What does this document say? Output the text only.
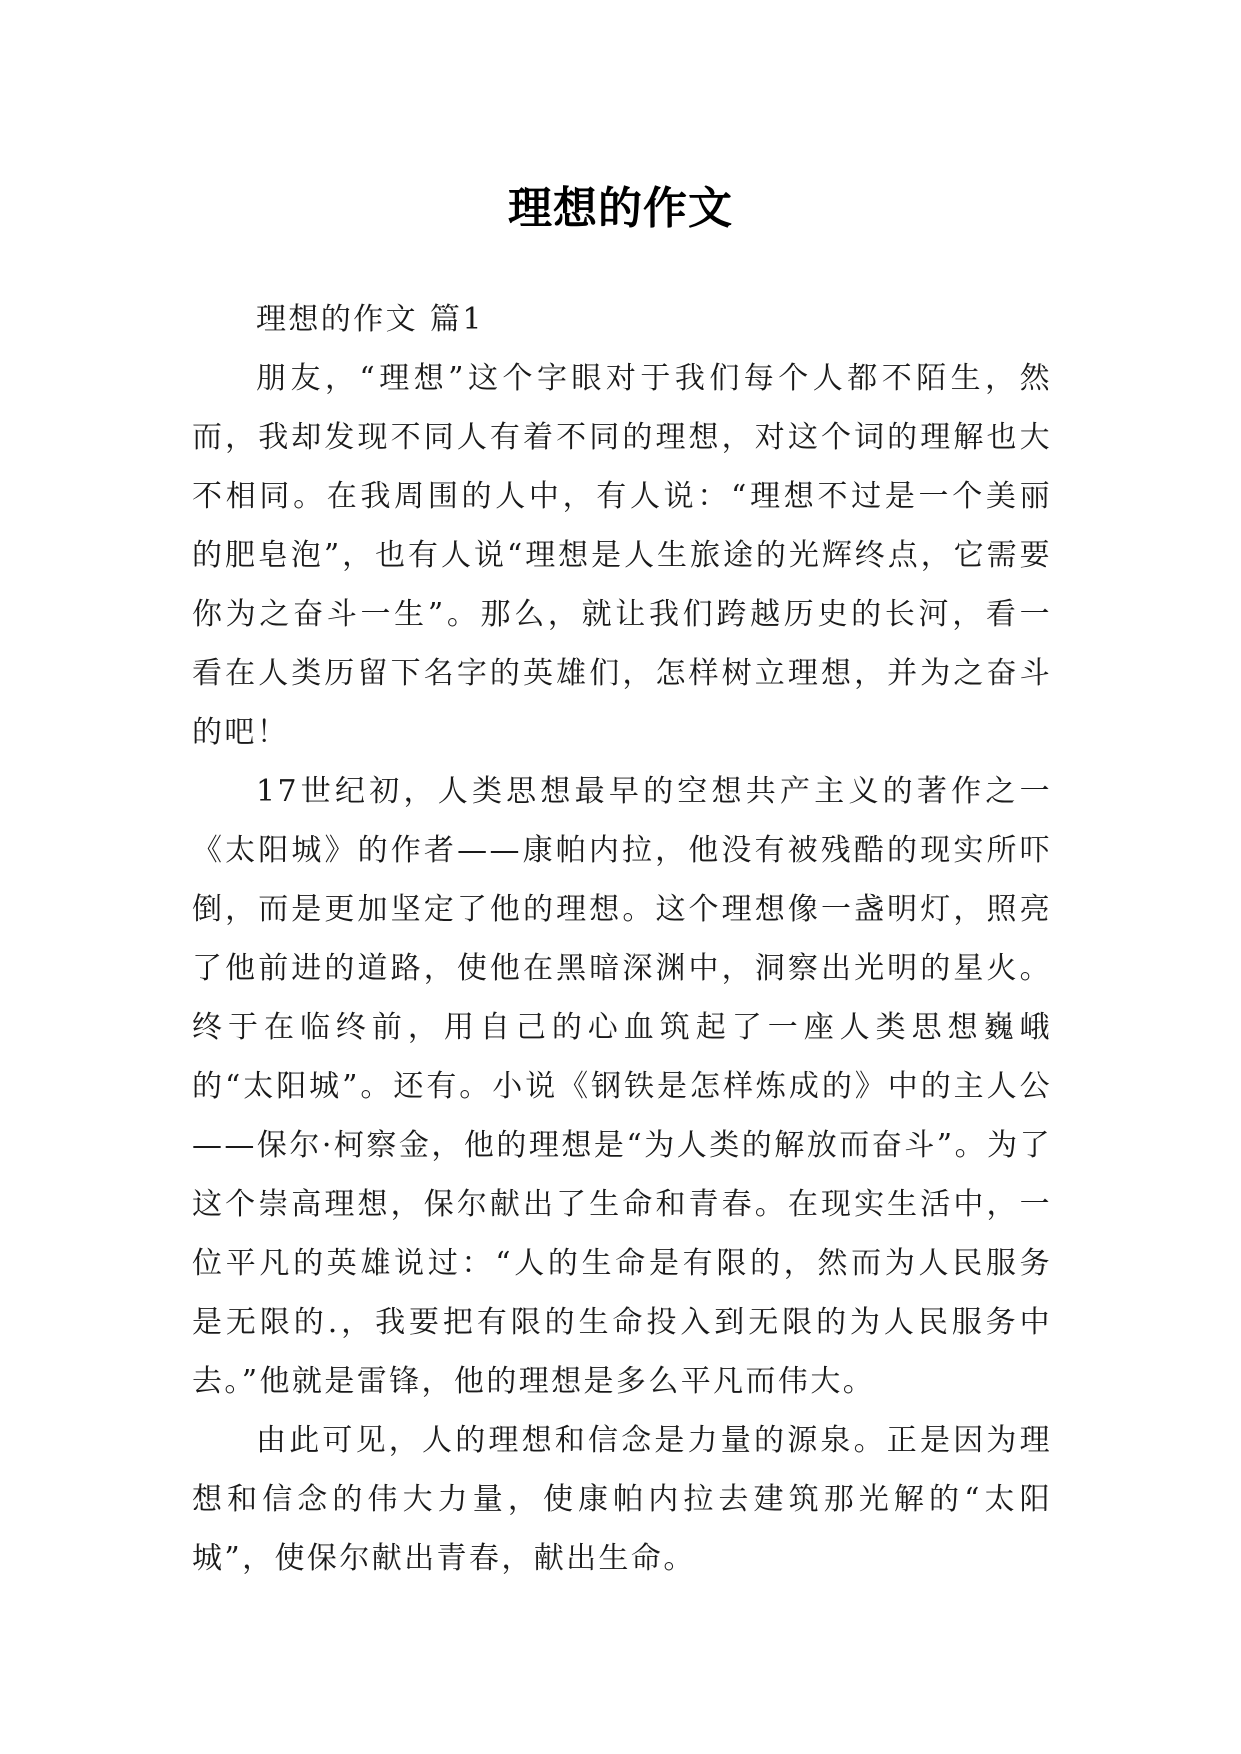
理想的作文

理想的作文 篇1

朋友，“理想”这个字眼对于我们每个人都不陌生，然而，我却发现不同人有着不同的理想，对这个词的理解也大不相同。在我周围的人中，有人说：“理想不过是一个美丽的肥皂泡”，也有人说“理想是人生旅途的光辉终点，它需要你为之奋斗一生”。那么，就让我们跨越历史的长河，看一看在人类历留下名字的英雄们，怎样树立理想，并为之奋斗的吧！

17世纪初，人类思想最早的空想共产主义的著作之一《太阳城》的作者——康帕内拉，他没有被残酷的现实所吓倒，而是更加坚定了他的理想。这个理想像一盏明灯，照亮了他前进的道路，使他在黑暗深渊中，洞察出光明的星火。终于在临终前，用自己的心血筑起了一座人类思想巍峨的“太阳城”。还有。小说《钢铁是怎样炼成的》中的主人公——保尔·柯察金，他的理想是“为人类的解放而奋斗”。为了这个崇高理想，保尔献出了生命和青春。在现实生活中，一位平凡的英雄说过：“人的生命是有限的，然而为人民服务是无限的.，我要把有限的生命投入到无限的为人民服务中去。”他就是雷锋，他的理想是多么平凡而伟大。

由此可见，人的理想和信念是力量的源泉。正是因为理想和信念的伟大力量，使康帕内拉去建筑那光解的“太阳城”，使保尔献出青春，献出生命。
